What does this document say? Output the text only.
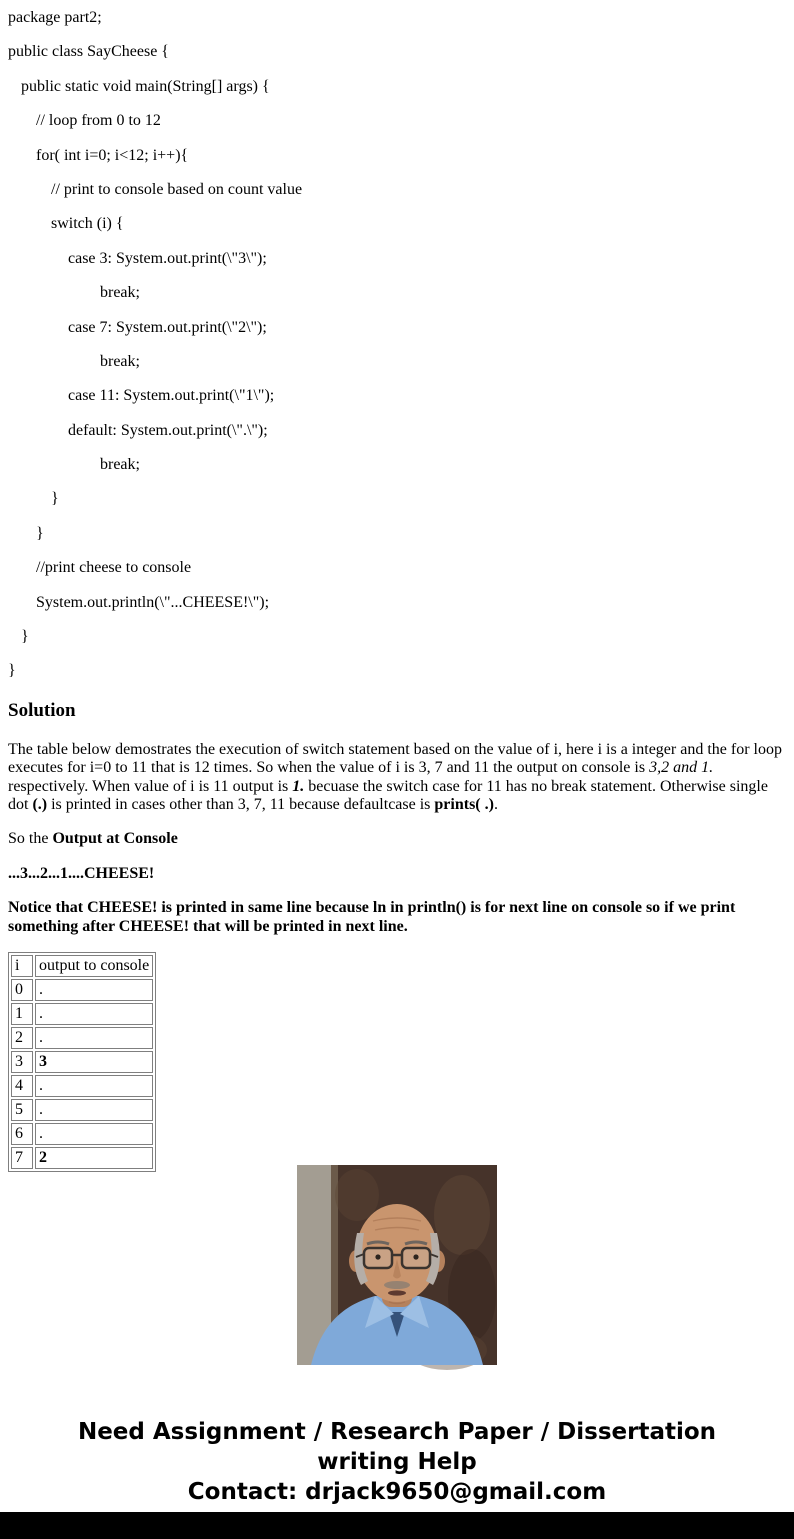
package part2;

public class SayCheese {

public static void main(String[] args) {

// loop from 0 to 12

for( int i=0; i<12; i++){

// print to console based on count value

switch (i) {

case 3: System.out.print(\"3\");

break;

case 7: System.out.print(\"2\");

break;

case 11: System.out.print(\"1\");

default: System.out.print(\".\");

break;

}

}

//print cheese to console

System.out.println(\"...CHEESE!\");

}

}

Solution

The table below demostrates the execution of switch statement based on the value of i, here i is a integer and the for loop executes for i=0 to 11 that is 12 times. So when the value of i is 3, 7 and 11 the output on console is 3,2 and 1. respectively. When value of i is 11 output is 1. becuase the switch case for 11 has no break statement. Otherwise single dot (.) is printed in cases other than 3, 7, 11 because defaultcase is prints( .).

So the Output at Console

...3...2...1....CHEESE!

Notice that CHEESE! is printed in same line because ln in println() is for next line on console so if we print something after CHEESE! that will be printed in next line.

i	output to console
0	.
1	.
2	.
3	3
4	.
5	.
6	.
7	2
Need Assignment / Research Paper / Dissertation
writing Help
Contact: drjack9650@gmail.com
